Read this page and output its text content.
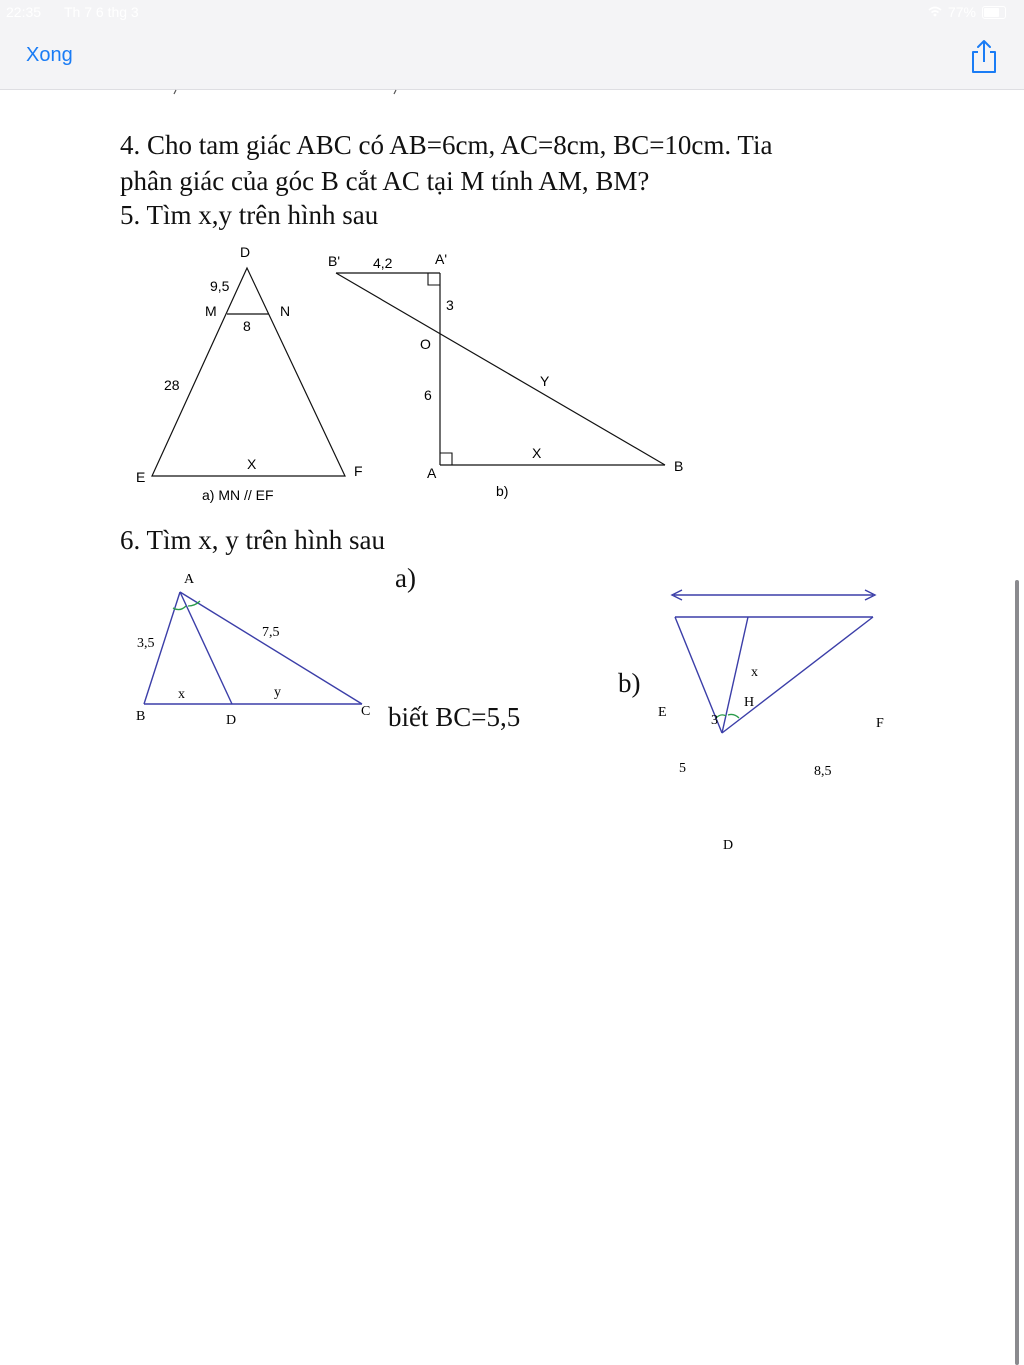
22:35 Th 7 6 thg 3	77%
Xong
4. Cho tam giác ABC có AB=6cm, AC=8cm, BC=10cm. Tia
phân giác của góc B cắt AC tại M tính AM, BM?
5. Tìm x,y trên hình sau
D
M	N
9,5
8
28
X
E	F
a) MN // EF
B' 4,2	A'
3
O
6
Y
X
A	B
b)
6. Tìm x, y trên hình sau
a)
A
3,5
7,5
x	y
B	D
C biết BC=5,5
b)	x
E
H
F
3
5	8,5
D
